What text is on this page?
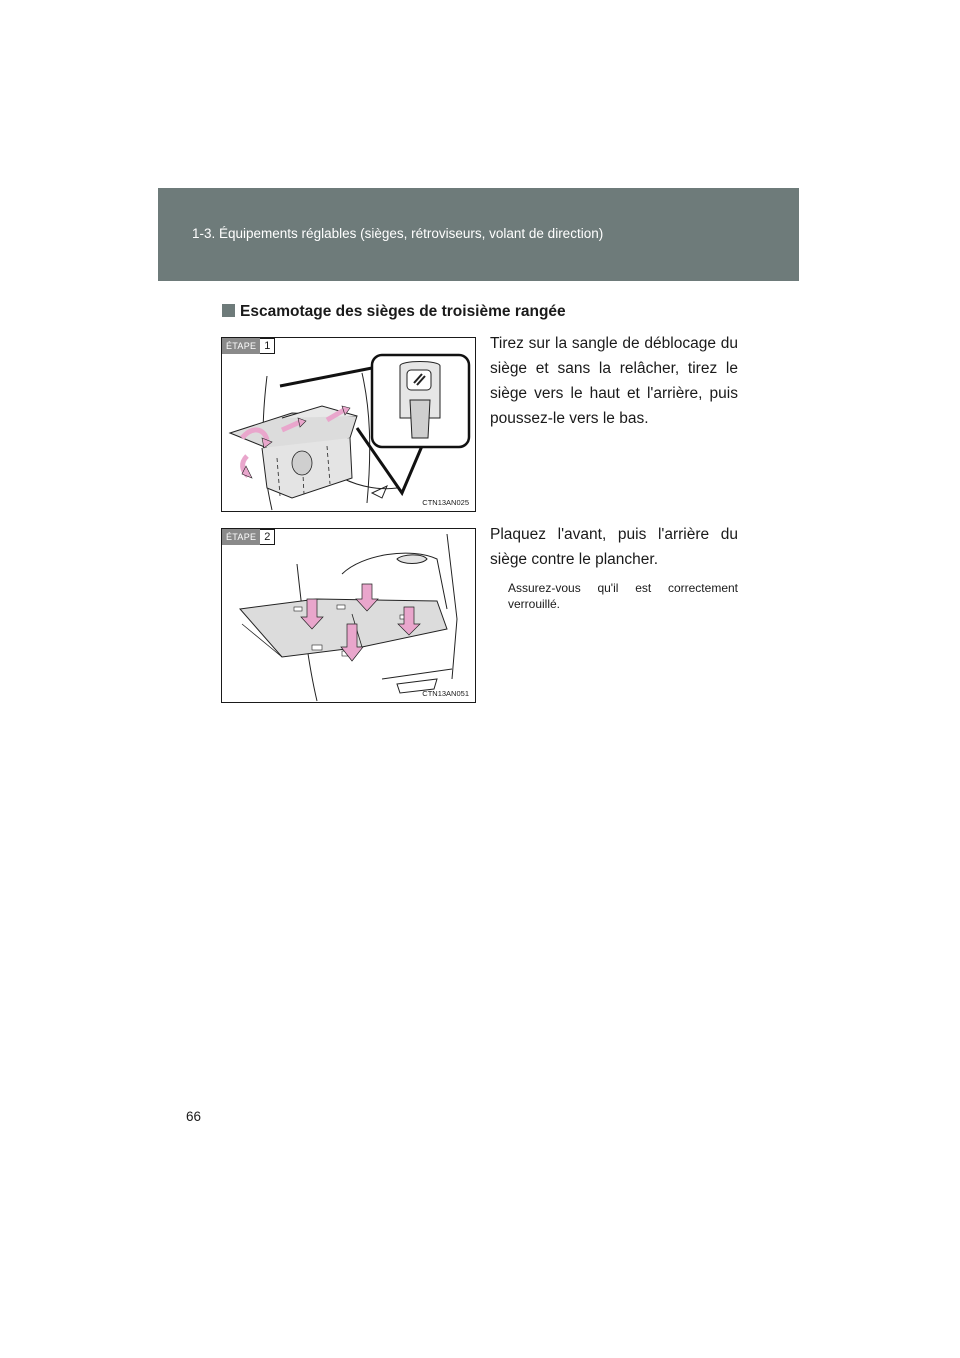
1-3. Équipements réglables (sièges, rétroviseurs, volant de direction)
Escamotage des sièges de troisième rangée
ÉTAPE 1
CTN13AN025
Tirez sur la sangle de déblocage du siège et sans la relâcher, tirez le siège vers le haut et l'arrière, puis poussez-le vers le bas.
ÉTAPE 2
CTN13AN051
Plaquez l'avant, puis l'arrière du siège contre le plancher.
Assurez-vous qu'il est correctement verrouillé.
66
